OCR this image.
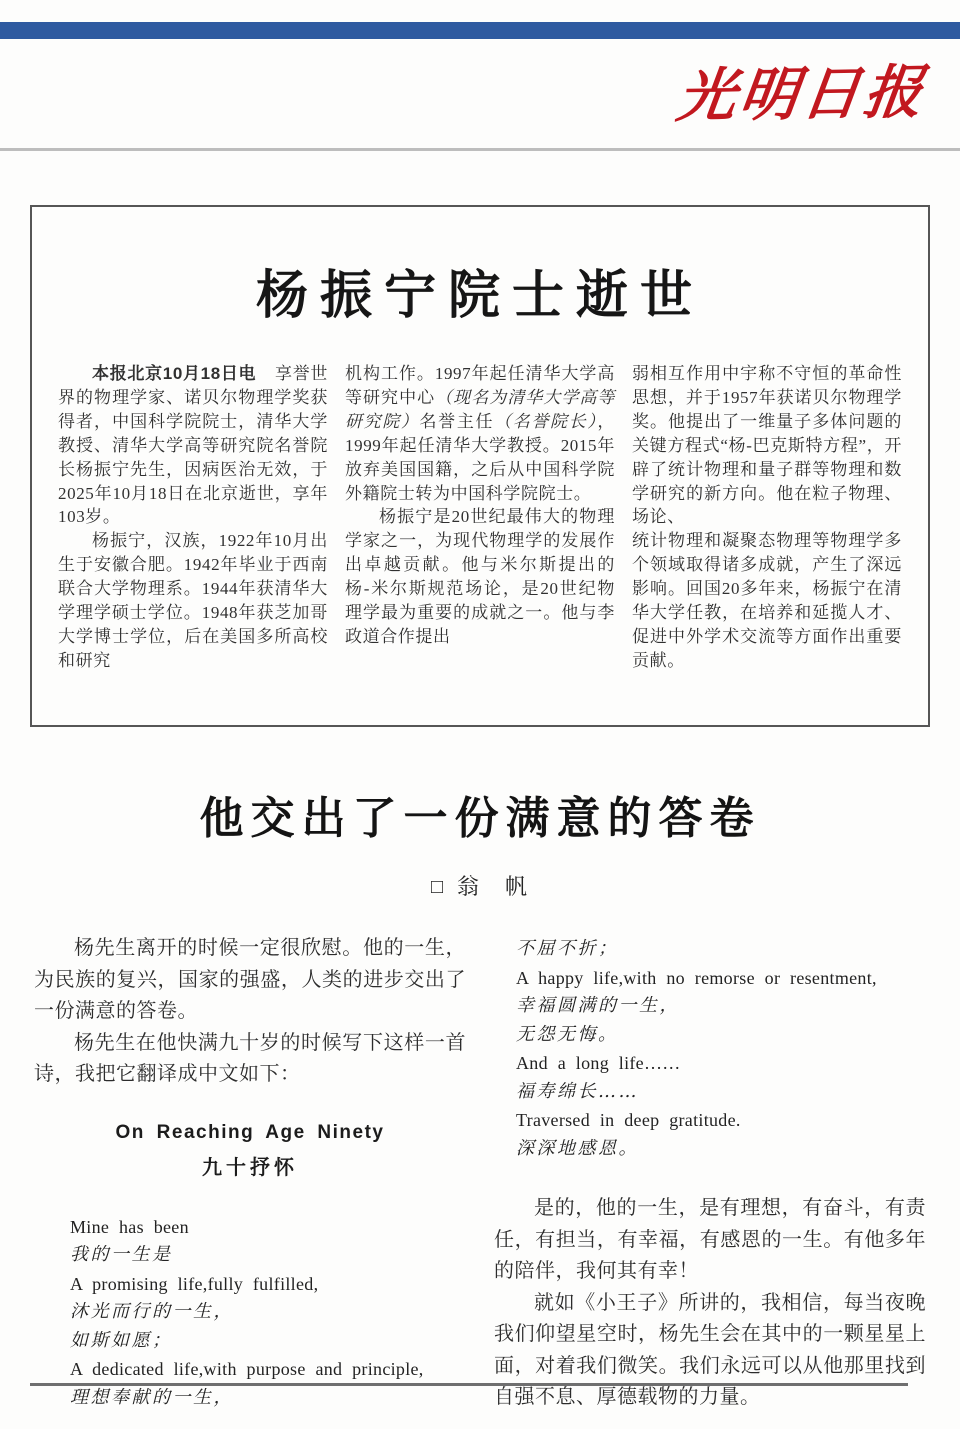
光明日报
杨振宁院士逝世

本报北京10月18日电 享誉世界的物理学家、诺贝尔物理学奖获得者，中国科学院院士，清华大学教授、清华大学高等研究院名誉院长杨振宁先生，因病医治无效，于2025年10月18日在北京逝世，享年103岁。

杨振宁，汉族，1922年10月出生于安徽合肥。1942年毕业于西南联合大学物理系。1944年获清华大学理学硕士学位。1948年获芝加哥大学博士学位，后在美国多所高校和研究

机构工作。1997年起任清华大学高等研究中心（现名为清华大学高等研究院）名誉主任（名誉院长），1999年起任清华大学教授。2015年放弃美国国籍，之后从中国科学院外籍院士转为中国科学院院士。

杨振宁是20世纪最伟大的物理学家之一，为现代物理学的发展作出卓越贡献。他与米尔斯提出的杨-米尔斯规范场论，是20世纪物理学最为重要的成就之一。他与李政道合作提出

弱相互作用中宇称不守恒的革命性思想，并于1957年获诺贝尔物理学奖。他提出了一维量子多体问题的关键方程式“杨-巴克斯特方程”，开辟了统计物理和量子群等物理和数学研究的新方向。他在粒子物理、场论、

统计物理和凝聚态物理等物理学多个领域取得诸多成就，产生了深远影响。回国20多年来，杨振宁在清华大学任教，在培养和延揽人才、促进中外学术交流等方面作出重要贡献。

他交出了一份满意的答卷
□ 翁　帆

杨先生离开的时候一定很欣慰。他的一生，为民族的复兴，国家的强盛，人类的进步交出了一份满意的答卷。

杨先生在他快满九十岁的时候写下这样一首诗，我把它翻译成中文如下：

On Reaching Age Ninety
九十抒怀
Mine has been
我的一生是
A promising life,fully fulfilled,
沐光而行的一生，
如斯如愿；
A dedicated life,with purpose and principle,
理想奉献的一生，
不屈不折；
A happy life,with no remorse or resentment,
幸福圆满的一生，
无怨无悔。
And a long life……
福寿绵长……
Traversed in deep gratitude.
深深地感恩。

是的，他的一生，是有理想，有奋斗，有责任，有担当，有幸福，有感恩的一生。有他多年的陪伴，我何其有幸！

就如《小王子》所讲的，我相信，每当夜晚我们仰望星空时，杨先生会在其中的一颗星星上面，对着我们微笑。我们永远可以从他那里找到自强不息、厚德载物的力量。
